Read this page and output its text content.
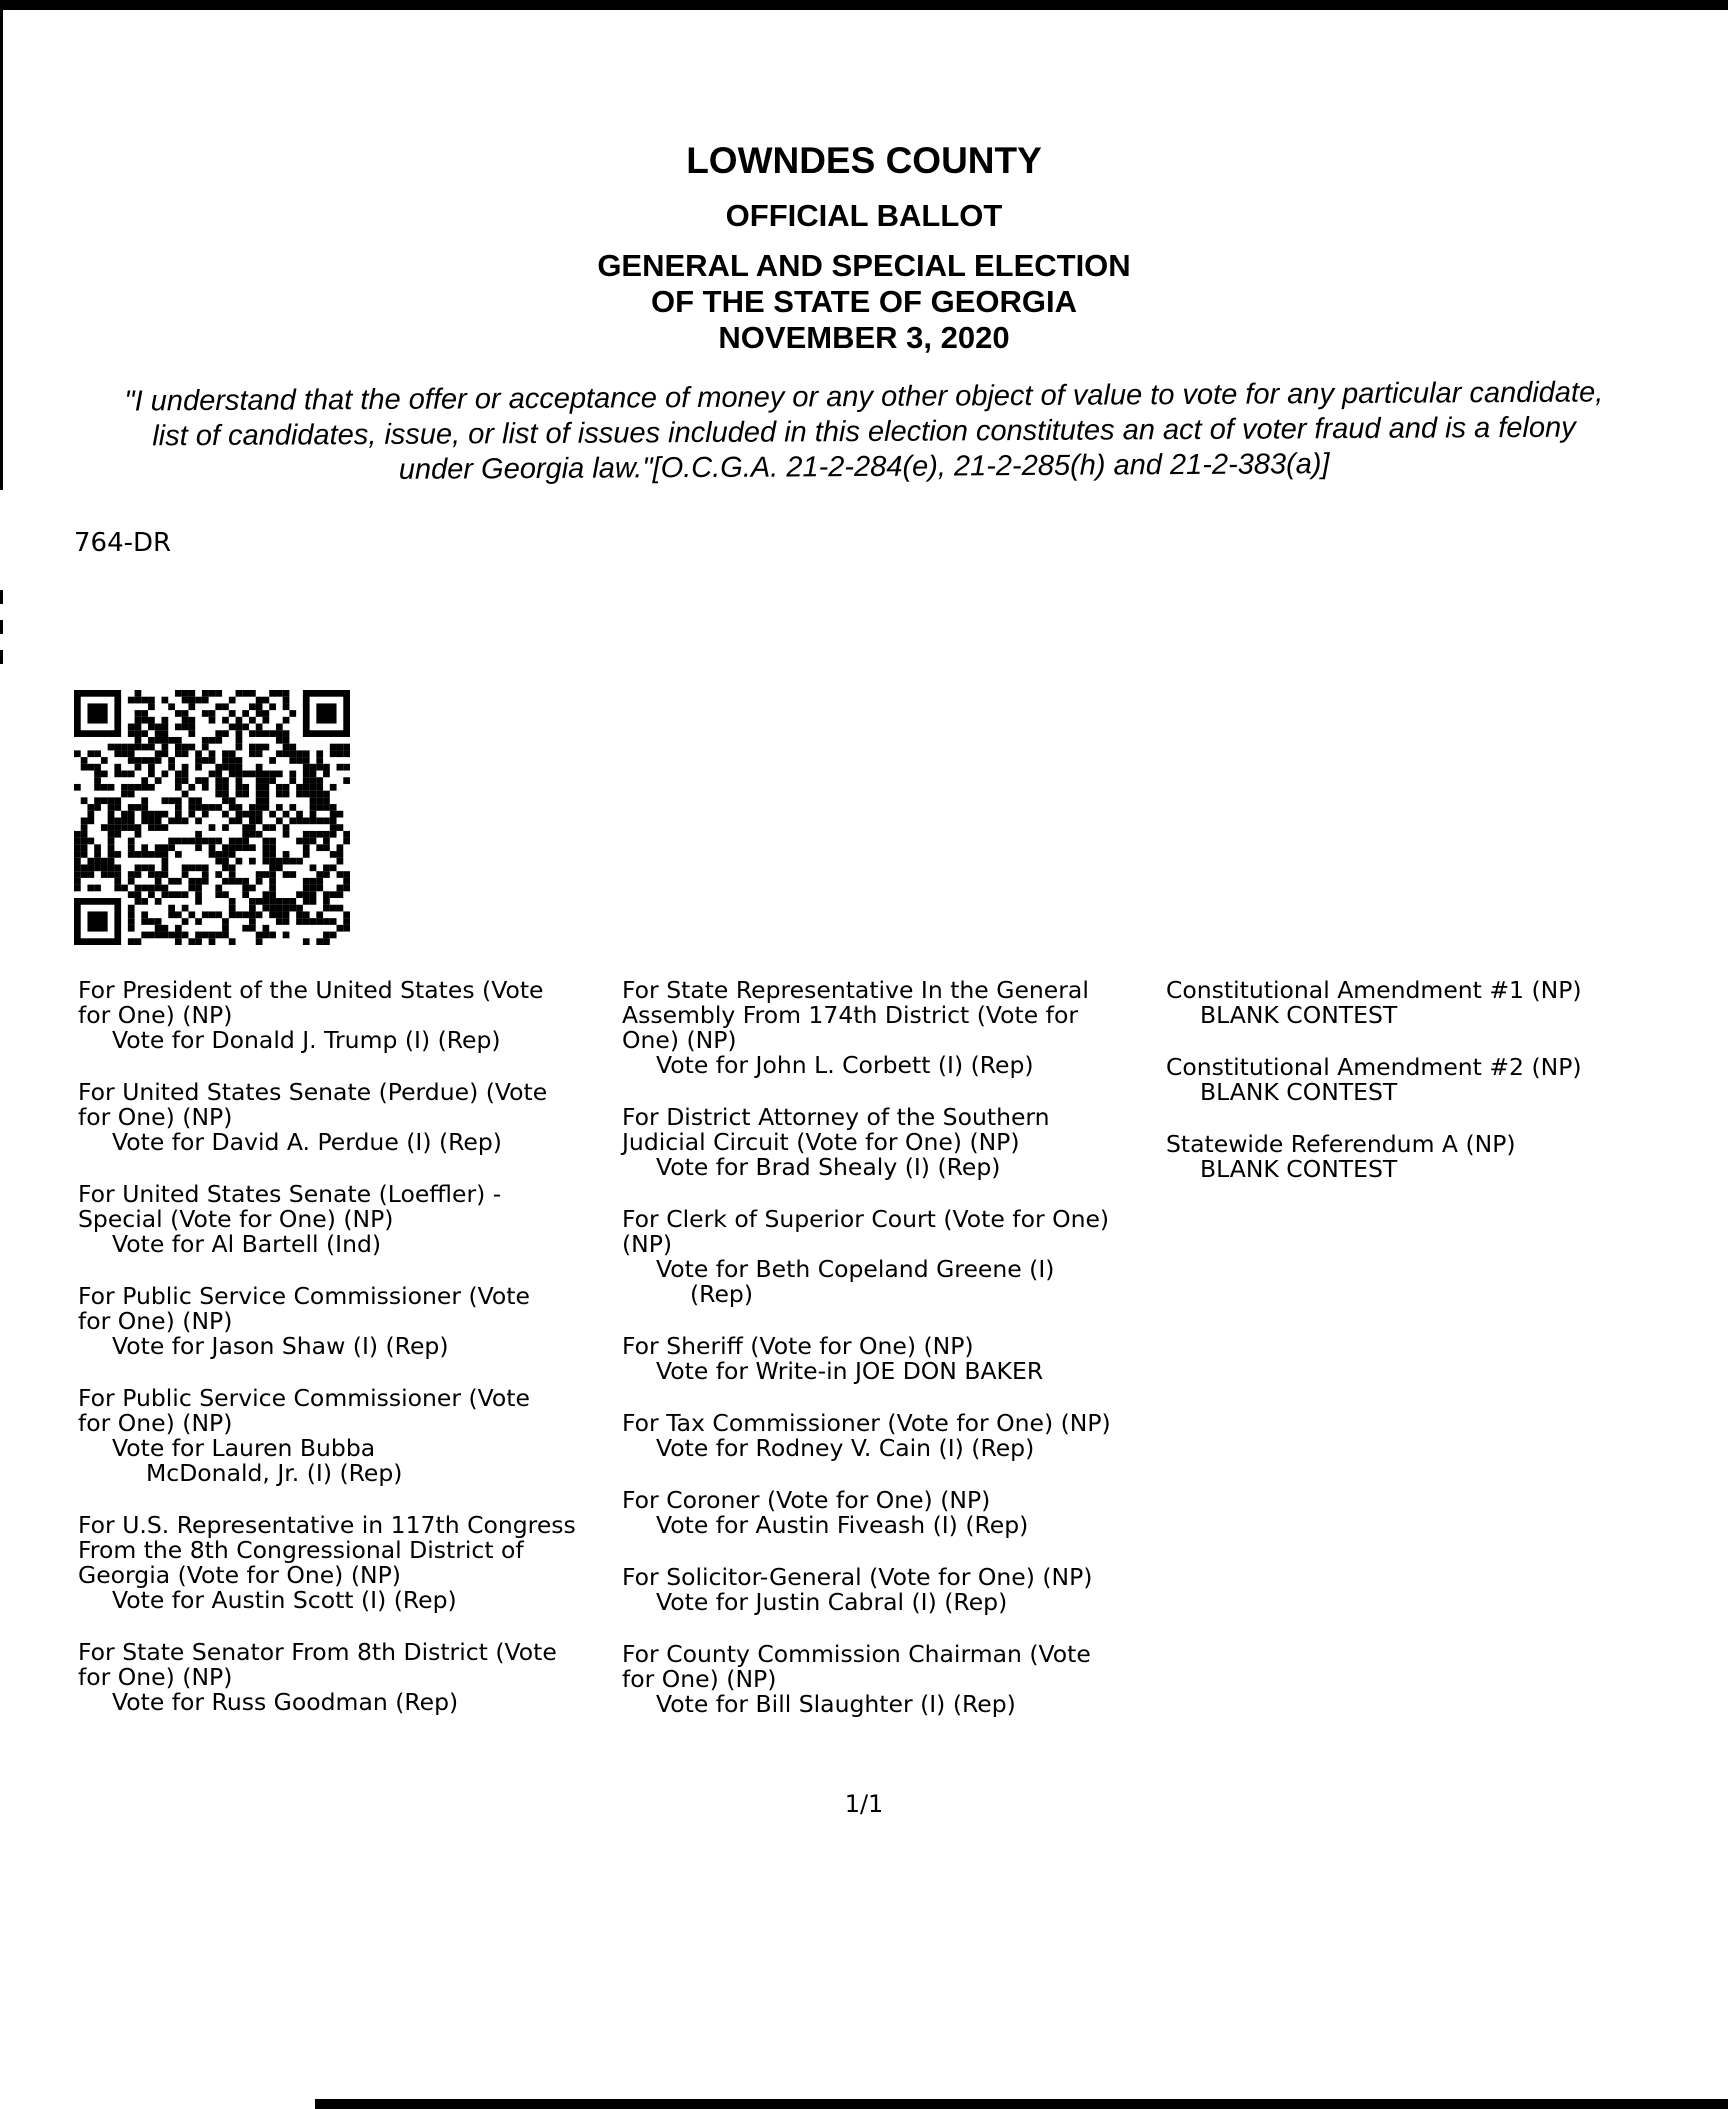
LOWNDES COUNTY
OFFICIAL BALLOT
GENERAL AND SPECIAL ELECTION
OF THE STATE OF GEORGIA
NOVEMBER 3, 2020
"I understand that the offer or acceptance of money or any other object of value to vote for any particular candidate,
list of candidates, issue, or list of issues included in this election constitutes an act of voter fraud and is a felony
under Georgia law."[O.C.G.A. 21-2-284(e), 21-2-285(h) and 21-2-383(a)]
764-DR
For President of the United States (Vote
for One) (NP)
Vote for Donald J. Trump (I) (Rep)
For United States Senate (Perdue) (Vote
for One) (NP)
Vote for David A. Perdue (I) (Rep)
For United States Senate (Loeffler) -
Special (Vote for One) (NP)
Vote for Al Bartell (Ind)
For Public Service Commissioner (Vote
for One) (NP)
Vote for Jason Shaw (I) (Rep)
For Public Service Commissioner (Vote
for One) (NP)
Vote for Lauren Bubba
McDonald, Jr. (I) (Rep)
For U.S. Representative in 117th Congress
From the 8th Congressional District of
Georgia (Vote for One) (NP)
Vote for Austin Scott (I) (Rep)
For State Senator From 8th District (Vote
for One) (NP)
Vote for Russ Goodman (Rep)
For State Representative In the General
Assembly From 174th District (Vote for
One) (NP)
Vote for John L. Corbett (I) (Rep)
For District Attorney of the Southern
Judicial Circuit (Vote for One) (NP)
Vote for Brad Shealy (I) (Rep)
For Clerk of Superior Court (Vote for One)
(NP)
Vote for Beth Copeland Greene (I)
(Rep)
For Sheriff (Vote for One) (NP)
Vote for Write-in JOE DON BAKER
For Tax Commissioner (Vote for One) (NP)
Vote for Rodney V. Cain (I) (Rep)
For Coroner (Vote for One) (NP)
Vote for Austin Fiveash (I) (Rep)
For Solicitor-General (Vote for One) (NP)
Vote for Justin Cabral (I) (Rep)
For County Commission Chairman (Vote
for One) (NP)
Vote for Bill Slaughter (I) (Rep)
Constitutional Amendment #1 (NP)
BLANK CONTEST
Constitutional Amendment #2 (NP)
BLANK CONTEST
Statewide Referendum A (NP)
BLANK CONTEST
1/1
